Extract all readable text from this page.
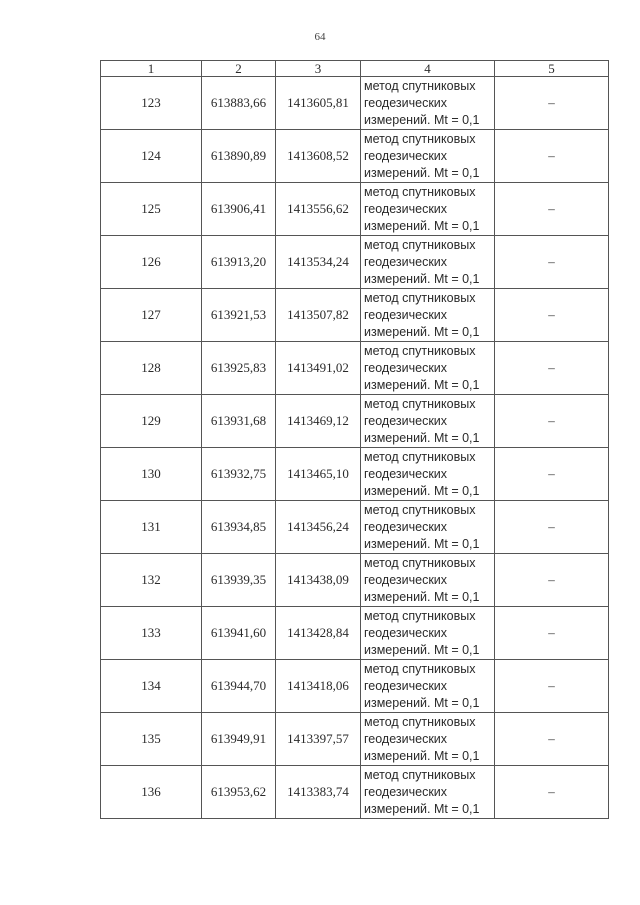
64
1	2	3	4	5
123	613883,66	1413605,81	метод спутниковых
геодезических
измерений. Mt = 0,1	–
124	613890,89	1413608,52	метод спутниковых
геодезических
измерений. Mt = 0,1	–
125	613906,41	1413556,62	метод спутниковых
геодезических
измерений. Mt = 0,1	–
126	613913,20	1413534,24	метод спутниковых
геодезических
измерений. Mt = 0,1	–
127	613921,53	1413507,82	метод спутниковых
геодезических
измерений. Mt = 0,1	–
128	613925,83	1413491,02	метод спутниковых
геодезических
измерений. Mt = 0,1	–
129	613931,68	1413469,12	метод спутниковых
геодезических
измерений. Mt = 0,1	–
130	613932,75	1413465,10	метод спутниковых
геодезических
измерений. Mt = 0,1	–
131	613934,85	1413456,24	метод спутниковых
геодезических
измерений. Mt = 0,1	–
132	613939,35	1413438,09	метод спутниковых
геодезических
измерений. Mt = 0,1	–
133	613941,60	1413428,84	метод спутниковых
геодезических
измерений. Mt = 0,1	–
134	613944,70	1413418,06	метод спутниковых
геодезических
измерений. Mt = 0,1	–
135	613949,91	1413397,57	метод спутниковых
геодезических
измерений. Mt = 0,1	–
136	613953,62	1413383,74	метод спутниковых
геодезических
измерений. Mt = 0,1	–
